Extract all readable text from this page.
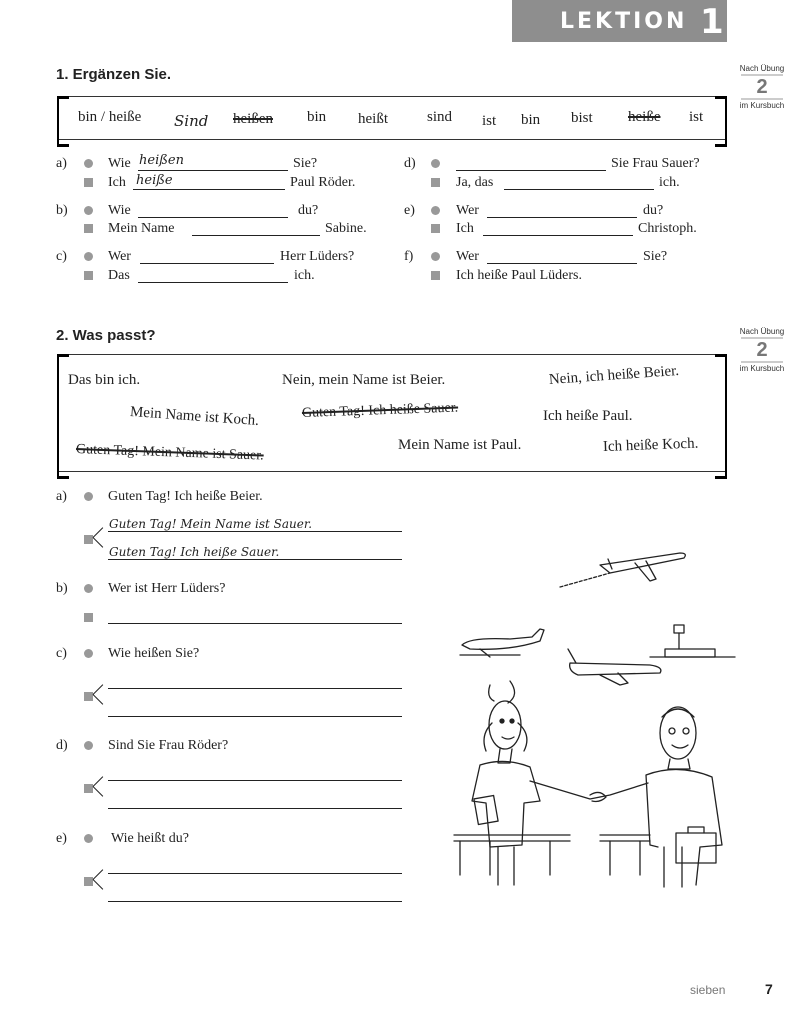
LEKTION 1
1. Ergänzen Sie.	Nach Übung
2
im Kursbuch
bin / heiße Sind heißen bin heißt	sind ist bin bist heiße ist
a)	Wie heißen	Sie?
Ich heiße	Paul Röder.
b)	Wie	du?
Mein Name	Sabine.
c)	Wer	Herr Lüders?
Das	ich.
d)	Sie Frau Sauer?
Ja, das	ich.
e)	Wer	du?
Ich	Christoph.
f)	Wer	Sie?
Ich heiße Paul Lüders.
2. Was passt?	Nach Übung
2
im Kursbuch
Das bin ich.	Nein, mein Name ist Beier.	Nein, ich heiße Beier.
Mein Name ist Koch.	Guten Tag! Ich heiße Sauer.	Ich heiße Paul.
Guten Tag! Mein Name ist Sauer.	Mein Name ist Paul.	Ich heiße Koch.
a)	Guten Tag! Ich heiße Beier.
Guten Tag! Mein Name ist Sauer.
Guten Tag! Ich heiße Sauer.
b)	Wer ist Herr Lüders?
c)	Wie heißen Sie?
d)	Sind Sie Frau Röder?
e)	Wie heißt du?
sieben	7
